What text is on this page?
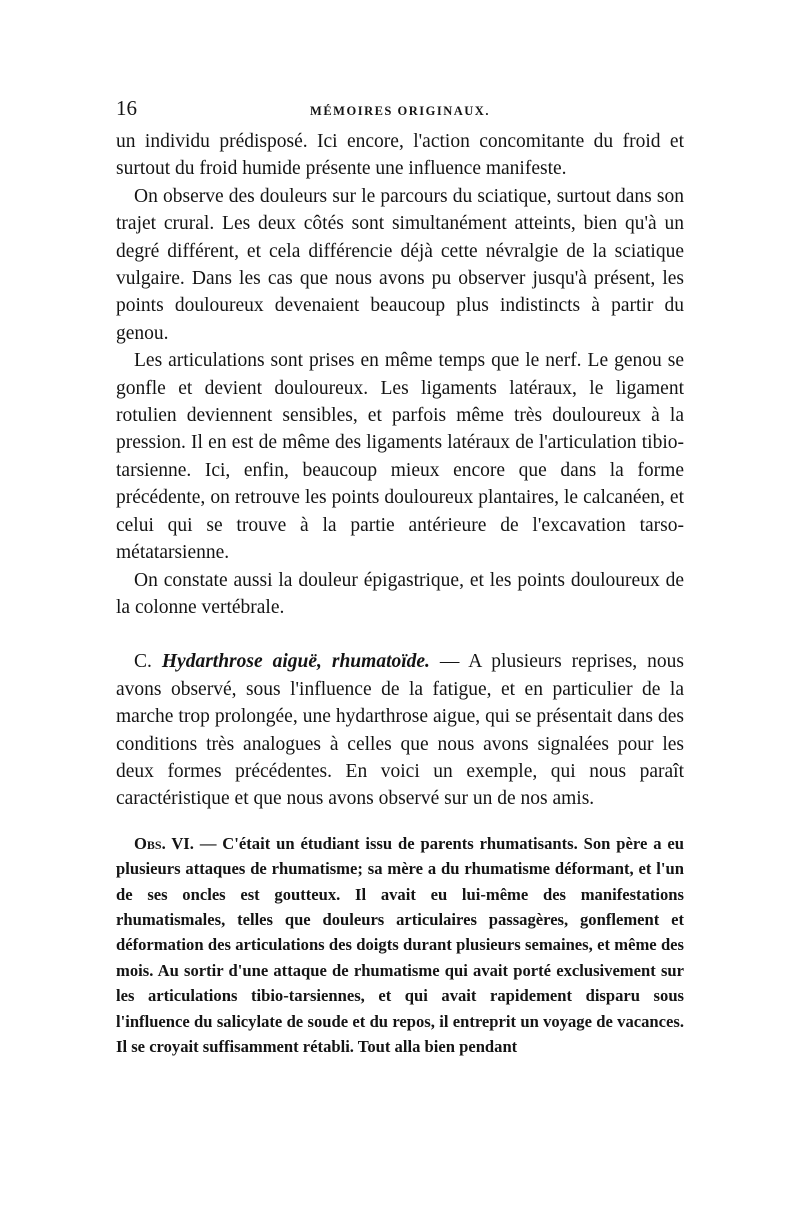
16	MÉMOIRES ORIGINAUX.

un individu prédisposé. Ici encore, l'action concomitante du froid et surtout du froid humide présente une influence manifeste.

On observe des douleurs sur le parcours du sciatique, surtout dans son trajet crural. Les deux côtés sont simultanément atteints, bien qu'à un degré différent, et cela différencie déjà cette névralgie de la sciatique vulgaire. Dans les cas que nous avons pu observer jusqu'à présent, les points douloureux devenaient beaucoup plus indistincts à partir du genou.

Les articulations sont prises en même temps que le nerf. Le genou se gonfle et devient douloureux. Les ligaments latéraux, le ligament rotulien deviennent sensibles, et parfois même très douloureux à la pression. Il en est de même des ligaments latéraux de l'articulation tibio-tarsienne. Ici, enfin, beaucoup mieux encore que dans la forme précédente, on retrouve les points douloureux plantaires, le calcanéen, et celui qui se trouve à la partie antérieure de l'excavation tarso-métatarsienne.

On constate aussi la douleur épigastrique, et les points douloureux de la colonne vertébrale.

C. Hydarthrose aiguë, rhumatoïde. — A plusieurs reprises, nous avons observé, sous l'influence de la fatigue, et en particulier de la marche trop prolongée, une hydarthrose aigue, qui se présentait dans des conditions très analogues à celles que nous avons signalées pour les deux formes précédentes. En voici un exemple, qui nous paraît caractéristique et que nous avons observé sur un de nos amis.

Obs. VI. — C'était un étudiant issu de parents rhumatisants. Son père a eu plusieurs attaques de rhumatisme; sa mère a du rhumatisme déformant, et l'un de ses oncles est goutteux. Il avait eu lui-même des manifestations rhumatismales, telles que douleurs articulaires passagères, gonflement et déformation des articulations des doigts durant plusieurs semaines, et même des mois. Au sortir d'une attaque de rhumatisme qui avait porté exclusivement sur les articulations tibio-tarsiennes, et qui avait rapidement disparu sous l'influence du salicylate de soude et du repos, il entreprit un voyage de vacances. Il se croyait suffisamment rétabli. Tout alla bien pendant
